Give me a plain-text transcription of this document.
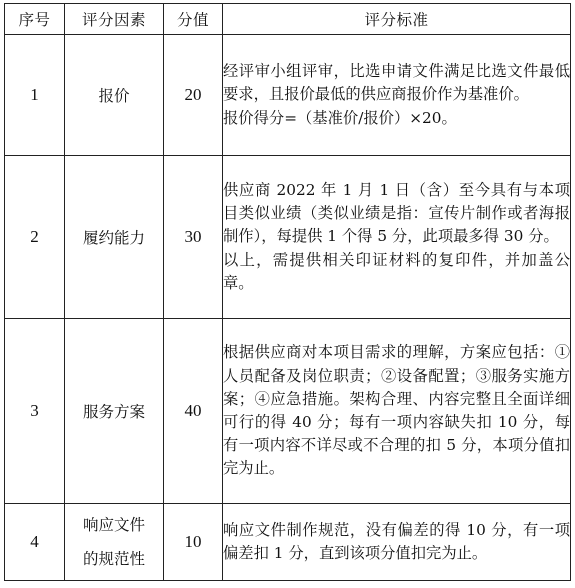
序号	评分因素	分值	评分标准
1	报价	20	经评审小组评审，比选申请文件满足比选文件最低要求，且报价最低的供应商报价作为基准价。

报价得分=（基准价/报价）×20。

2	履约能力	30	供应商 2022 年 1 月 1 日（含）至今具有与本项目类似业绩（类似业绩是指：宣传片制作或者海报制作），每提供 1 个得 5 分，此项最多得 30 分。

以上，需提供相关印证材料的复印件，并加盖公章。

3	服务方案	40	根据供应商对本项目需求的理解，方案应包括：①人员配备及岗位职责；②设备配置；③服务实施方案；④应急措施。架构合理、内容完整且全面详细可行的得 40 分；每有一项内容缺失扣 10 分，每有一项内容不详尽或不合理的扣 5 分，本项分值扣完为止。

4	响应文件
的规范性	10	响应文件制作规范，没有偏差的得 10 分，有一项偏差扣 1 分，直到该项分值扣完为止。
